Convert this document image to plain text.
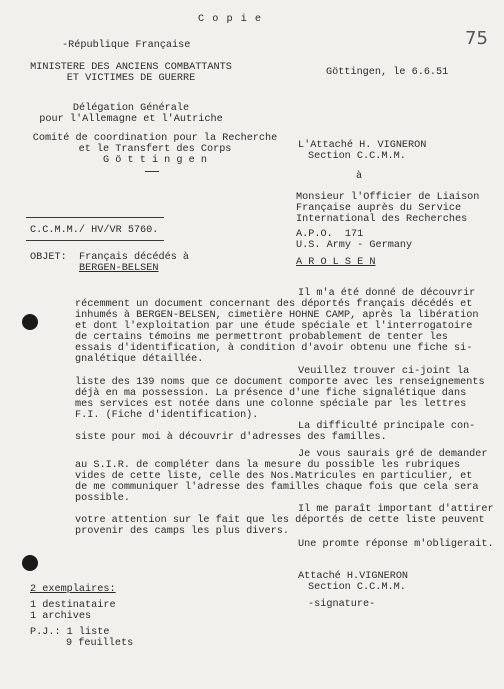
C o p i e
75
-République Française
MINISTERE DES ANCIENS COMBATTANTS
ET VICTIMES DE GUERRE
Göttingen, le 6.6.51
Délégation Générale
pour l'Allemagne et l'Autriche
Comité de coordination pour la Recherche
et le Transfert des Corps
G ö t t i n g e n
L'Attaché H. VIGNERON
Section C.C.M.M.
à
Monsieur l'Officier de Liaison
Française auprès du Service
International des Recherches
A.P.O.  171
U.S. Army - Germany
A R O L S E N
C.C.M.M./ HV/VR 5760.
OBJET: Français décédés à
BERGEN-BELSEN
Il m'a été donné de découvrir
récemment un document concernant des déportés français décédés et
inhumés à BERGEN-BELSEN, cimetière HOHNE CAMP, après la libération
et dont l'exploitation par une étude spéciale et l'interrogatoire
de certains témoins me permettront probablement de tenter les
essais d'identification, à condition d'avoir obtenu une fiche si-
gnalétique détaillée.
Veuillez trouver ci-joint la
liste des 139 noms que ce document comporte avec les renseignements
déjà en ma possession. La présence d'une fiche signalétique dans
mes services est notée dans une colonne spéciale par les lettres
F.I. (Fiche d'identification).
La difficulté principale con-
siste pour moi à découvrir d'adresses des familles.
Je vous saurais gré de demander
au S.I.R. de compléter dans la mesure du possible les rubriques
vides de cette liste, celle des Nos.Matricules en particulier, et
de me communiquer l'adresse des familles chaque fois que cela sera
possible.
Il me paraît important d'attirer
votre attention sur le fait que les déportés de cette liste peuvent
provenir des camps les plus divers.
Une promte réponse m'obligerait.
Attaché H.VIGNERON
Section C.C.M.M.
-signature-
2 exemplaires:
1 destinataire
1 archives
P.J.: 1 liste
9 feuillets
